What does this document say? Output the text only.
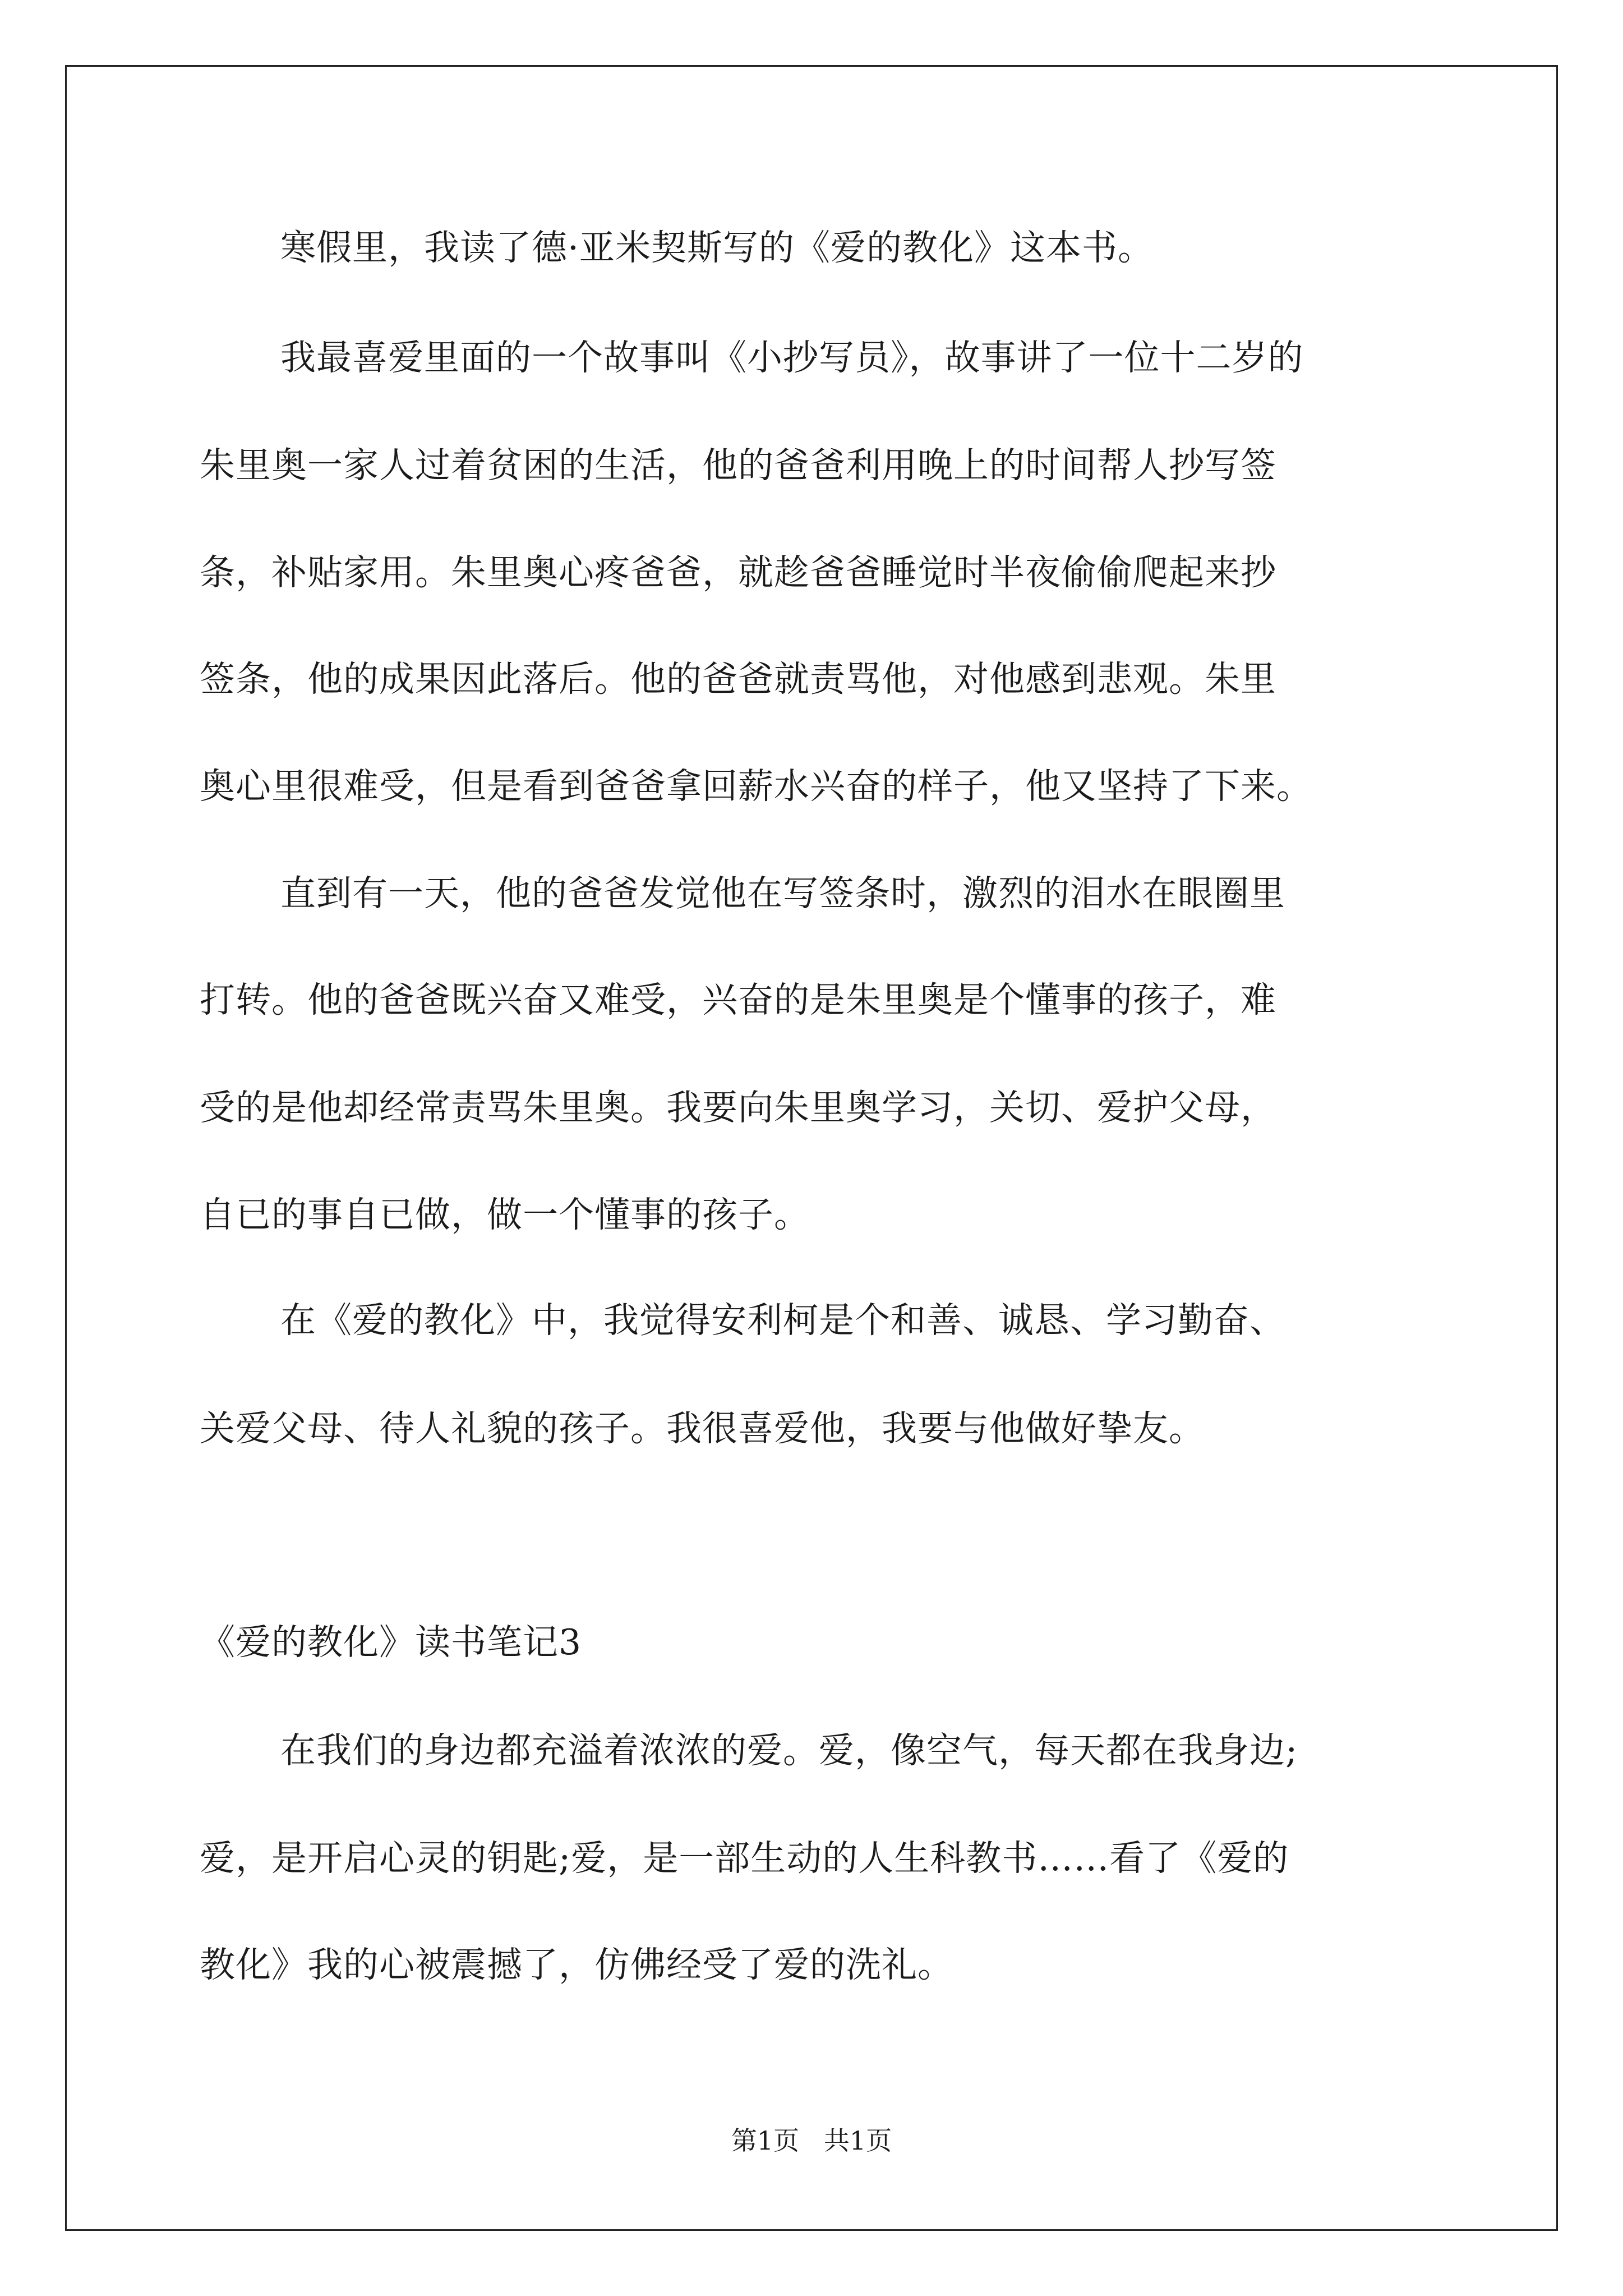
寒假里，我读了德·亚米契斯写的《爱的教化》这本书。
我最喜爱里面的一个故事叫《小抄写员》，故事讲了一位十二岁的
朱里奥一家人过着贫困的生活，他的爸爸利用晚上的时间帮人抄写签
条，补贴家用。朱里奥心疼爸爸，就趁爸爸睡觉时半夜偷偷爬起来抄
签条，他的成果因此落后。他的爸爸就责骂他，对他感到悲观。朱里
奥心里很难受，但是看到爸爸拿回薪水兴奋的样子，他又坚持了下来。
直到有一天，他的爸爸发觉他在写签条时，激烈的泪水在眼圈里
打转。他的爸爸既兴奋又难受，兴奋的是朱里奥是个懂事的孩子，难
受的是他却经常责骂朱里奥。我要向朱里奥学习，关切、爱护父母，
自已的事自已做，做一个懂事的孩子。
在《爱的教化》中，我觉得安利柯是个和善、诚恳、学习勤奋、
关爱父母、待人礼貌的孩子。我很喜爱他，我要与他做好挚友。
《爱的教化》读书笔记3
在我们的身边都充溢着浓浓的爱。爱，像空气，每天都在我身边;
爱，是开启心灵的钥匙;爱，是一部生动的人生科教书……看了《爱的
教化》我的心被震撼了，仿佛经受了爱的洗礼。
第1页   共1页
